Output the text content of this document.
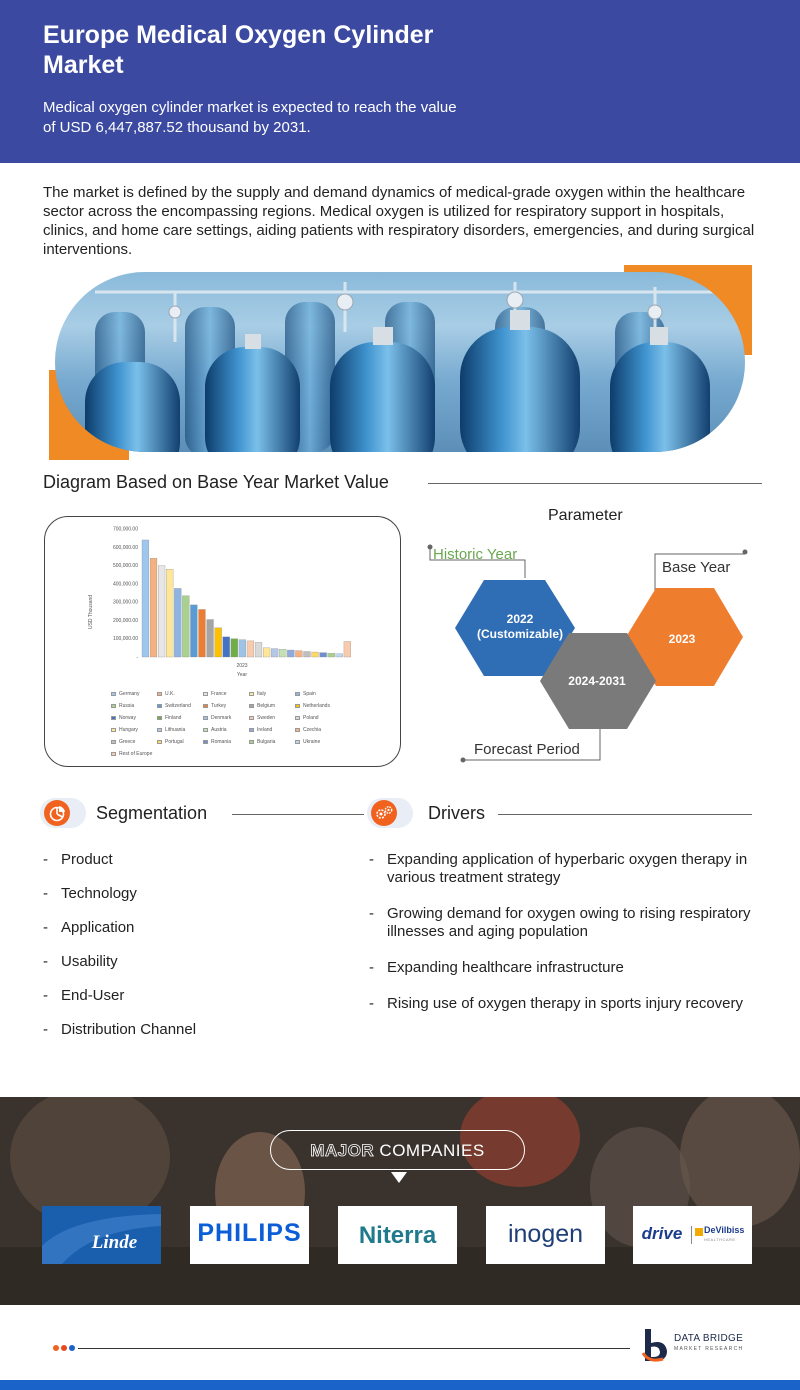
Europe Medical Oxygen Cylinder Market

Medical oxygen cylinder market is expected to reach the value of USD 6,447,887.52 thousand by 2031.

The market is defined by the supply and demand dynamics of medical-grade oxygen within the healthcare sector across the encompassing regions. Medical oxygen is utilized for respiratory support in hospitals, clinics, and home care settings, aiding patients with respiratory disorders, emergencies, and during surgical interventions.

Diagram Based on Base Year Market Value
USD Thousand
2023
Year
700,000.00
600,000.00
500,000.00
400,000.00
300,000.00
200,000.00
100,000.00
-
Germany	U.K.	France	Italy	Spain
Russia	Switzerland	Turkey	Belgium	Netherlands
Norway	Finland	Denmark	Sweden	Poland
Hungary	Lithuania	Austria	Ireland	Czechia
Greece	Portugal	Romania	Bulgaria	Ukraine
Rest of Europe
Parameter
Historic Year
Base Year
Forecast Period
2022
(Customizable)	2023
2024-2031
Segmentation
- Product
- Technology
- Application
- Usability
- End-User
- Distribution Channel
Drivers
- Expanding application of hyperbaric oxygen therapy in various treatment strategy
- Growing demand for oxygen owing to rising respiratory illnesses and aging population
- Expanding healthcare infrastructure
- Rising use of oxygen therapy in sports injury recovery
MAJOR COMPANIES
Linde	PHILIPS	Niterra	inogen	drive	DeVilbiss
HEALTHCARE
DATA BRIDGE
MARKET RESEARCH
